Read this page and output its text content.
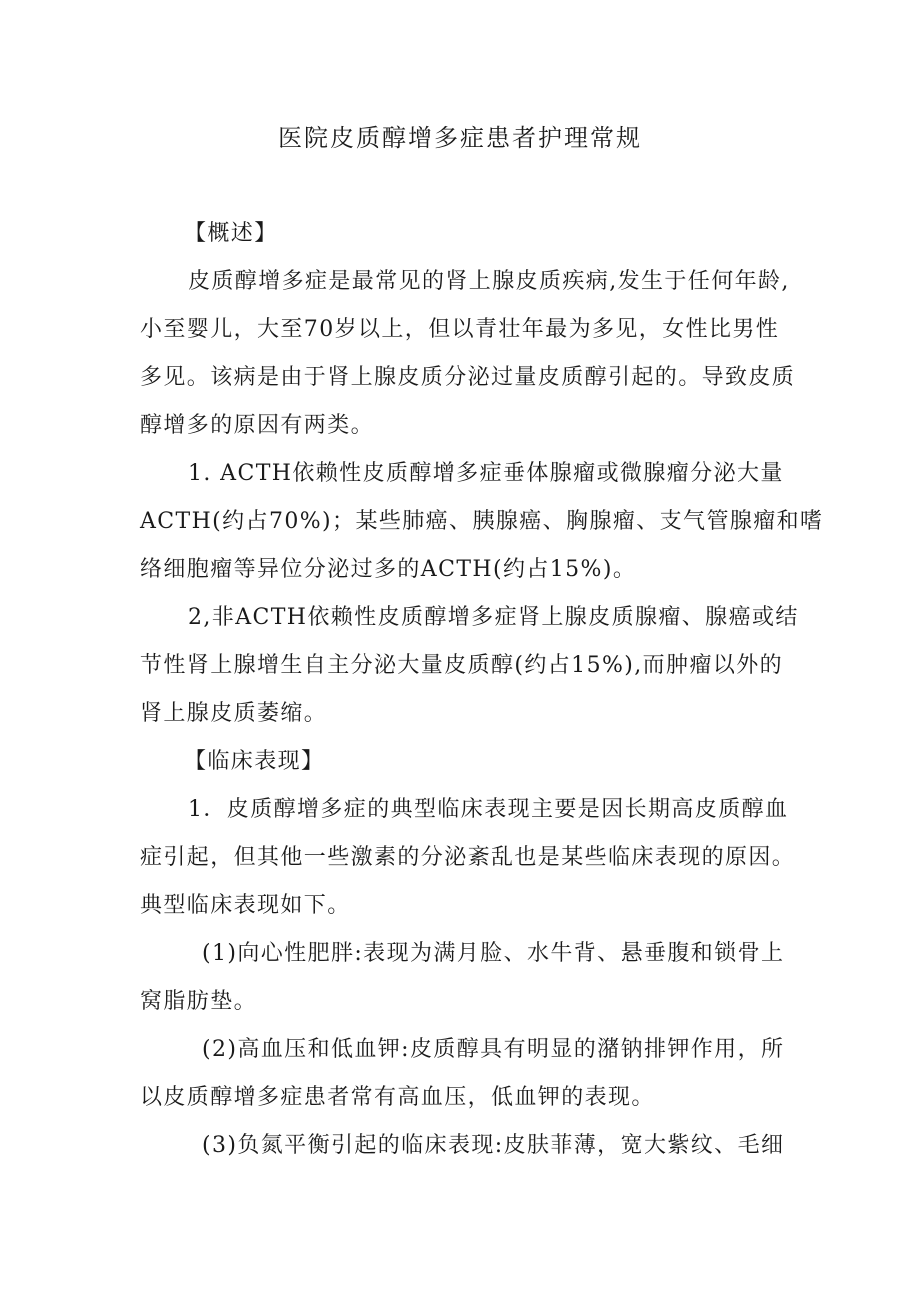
医院皮质醇增多症患者护理常规

【概述】

皮质醇增多症是最常见的肾上腺皮质疾病,发生于任何年龄,
小至婴儿，大至70岁以上，但以青壮年最为多见，女性比男性
多见。该病是由于肾上腺皮质分泌过量皮质醇引起的。导致皮质
醇增多的原因有两类。

1. ACTH依赖性皮质醇增多症垂体腺瘤或微腺瘤分泌大量
ACTH(约占70%)；某些肺癌、胰腺癌、胸腺瘤、支气管腺瘤和嗜
络细胞瘤等异位分泌过多的ACTH(约占15%)。

2,非ACTH依赖性皮质醇增多症肾上腺皮质腺瘤、腺癌或结
节性肾上腺增生自主分泌大量皮质醇(约占15%),而肿瘤以外的
肾上腺皮质萎缩。

【临床表现】

1．皮质醇增多症的典型临床表现主要是因长期高皮质醇血
症引起，但其他一些激素的分泌紊乱也是某些临床表现的原因。
典型临床表现如下。

(1)向心性肥胖:表现为满月脸、水牛背、悬垂腹和锁骨上
窝脂肪垫。

(2)高血压和低血钾:皮质醇具有明显的潴钠排钾作用，所
以皮质醇增多症患者常有高血压，低血钾的表现。

(3)负氮平衡引起的临床表现:皮肤菲薄，宽大紫纹、毛细
